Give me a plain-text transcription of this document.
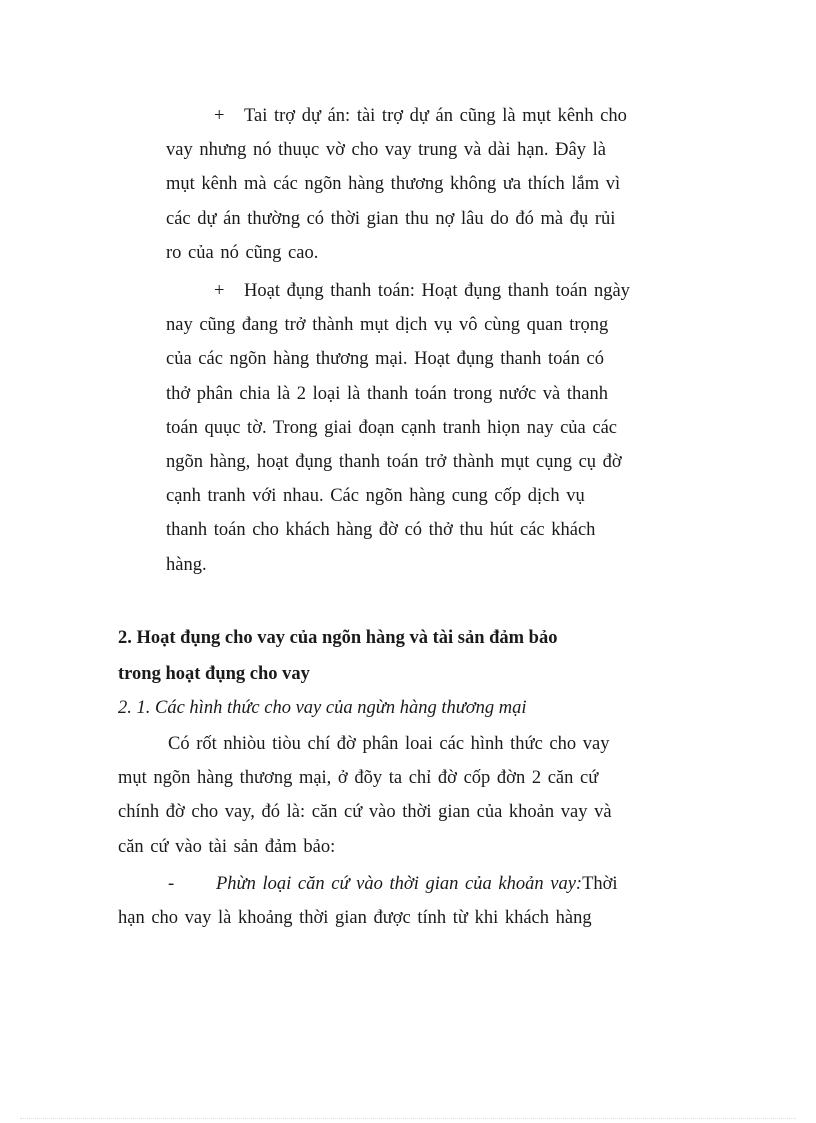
+ Tai trợ dự án: tài trợ dự án cũng là mụt kênh cho
vay nhưng nó thuục vờ cho vay trung và dài hạn. Đây là
mụt kênh mà các ngõn hàng thương không ưa thích lắm vì
các dự án thường có thời gian thu nợ lâu do đó mà đụ rủi
ro của nó cũng cao.
+ Hoạt đụng thanh toán: Hoạt đụng thanh toán ngày
nay cũng đang trở thành mụt dịch vụ vô cùng quan trọng
của các ngõn hàng thương mại. Hoạt đụng thanh toán có
thở phân chia là 2 loại là thanh toán trong nước và thanh
toán quục tờ. Trong giai đoạn cạnh tranh hiọn nay của các
ngõn hàng, hoạt đụng thanh toán trở thành mụt cụng cụ đờ
cạnh tranh với nhau. Các ngõn hàng cung cốp dịch vụ
thanh toán cho khách hàng đờ có thở thu hút các khách
hàng.
2. Hoạt đụng cho vay của ngõn hàng và tài sản đảm bảo
trong hoạt đụng cho vay
2. 1. Các hình thức cho vay của ngừn hàng thương mại
Có rốt nhiòu tiòu chí đờ phân loai các hình thức cho vay
mụt ngõn hàng thương mại, ở đõy ta chỉ đờ cốp đờn 2 căn cứ
chính đờ cho vay, đó là: căn cứ vào thời gian của khoản vay và
căn cứ vào tài sản đảm bảo:
- Phừn loại căn cứ vào thời gian của khoản vay:Thời
hạn cho vay là khoảng thời gian được tính từ khi khách hàng
